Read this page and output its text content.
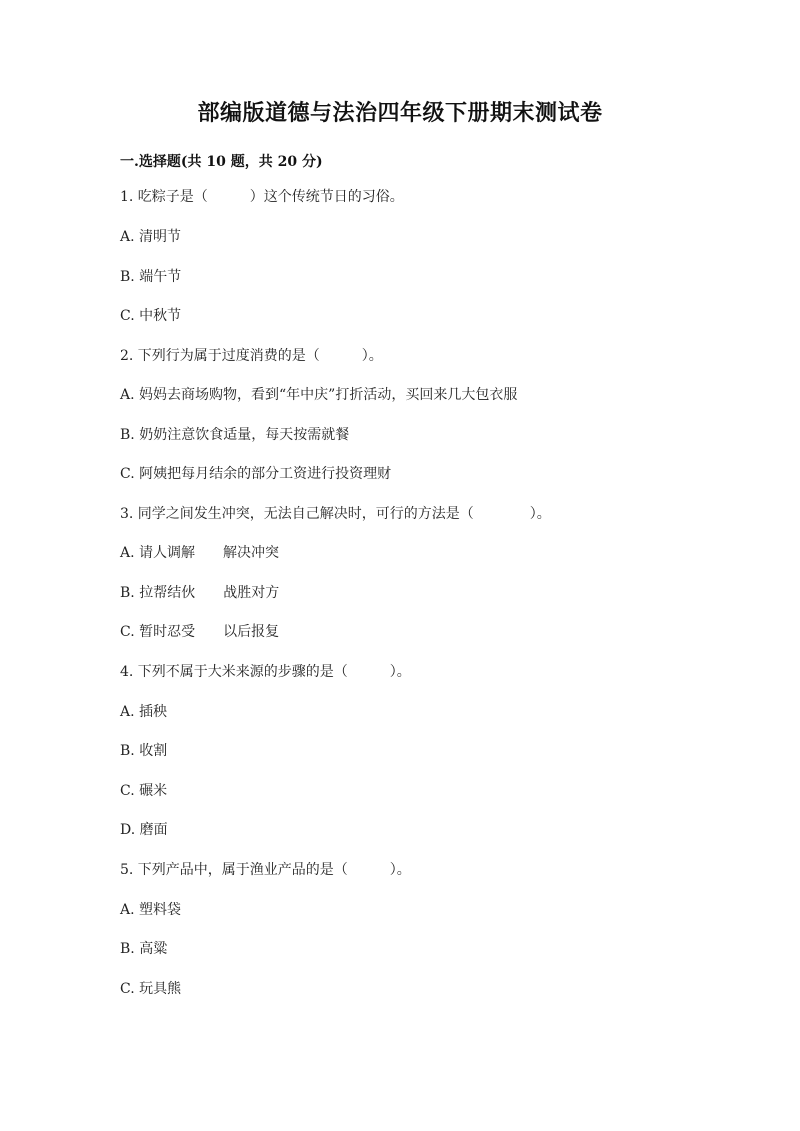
部编版道德与法治四年级下册期末测试卷
一.选择题(共 10 题，共 20 分)
1. 吃粽子是（　　　）这个传统节日的习俗。
A. 清明节
B. 端午节
C. 中秋节
2. 下列行为属于过度消费的是（　　　）。
A. 妈妈去商场购物，看到“年中庆”打折活动，买回来几大包衣服
B. 奶奶注意饮食适量，每天按需就餐
C. 阿姨把每月结余的部分工资进行投资理财
3. 同学之间发生冲突，无法自己解决时，可行的方法是（　　　　）。
A. 请人调解　　解决冲突
B. 拉帮结伙　　战胜对方
C. 暂时忍受　　以后报复
4. 下列不属于大米来源的步骤的是（　　　）。
A. 插秧
B. 收割
C. 碾米
D. 磨面
5. 下列产品中，属于渔业产品的是（　　　）。
A. 塑料袋
B. 高粱
C. 玩具熊
